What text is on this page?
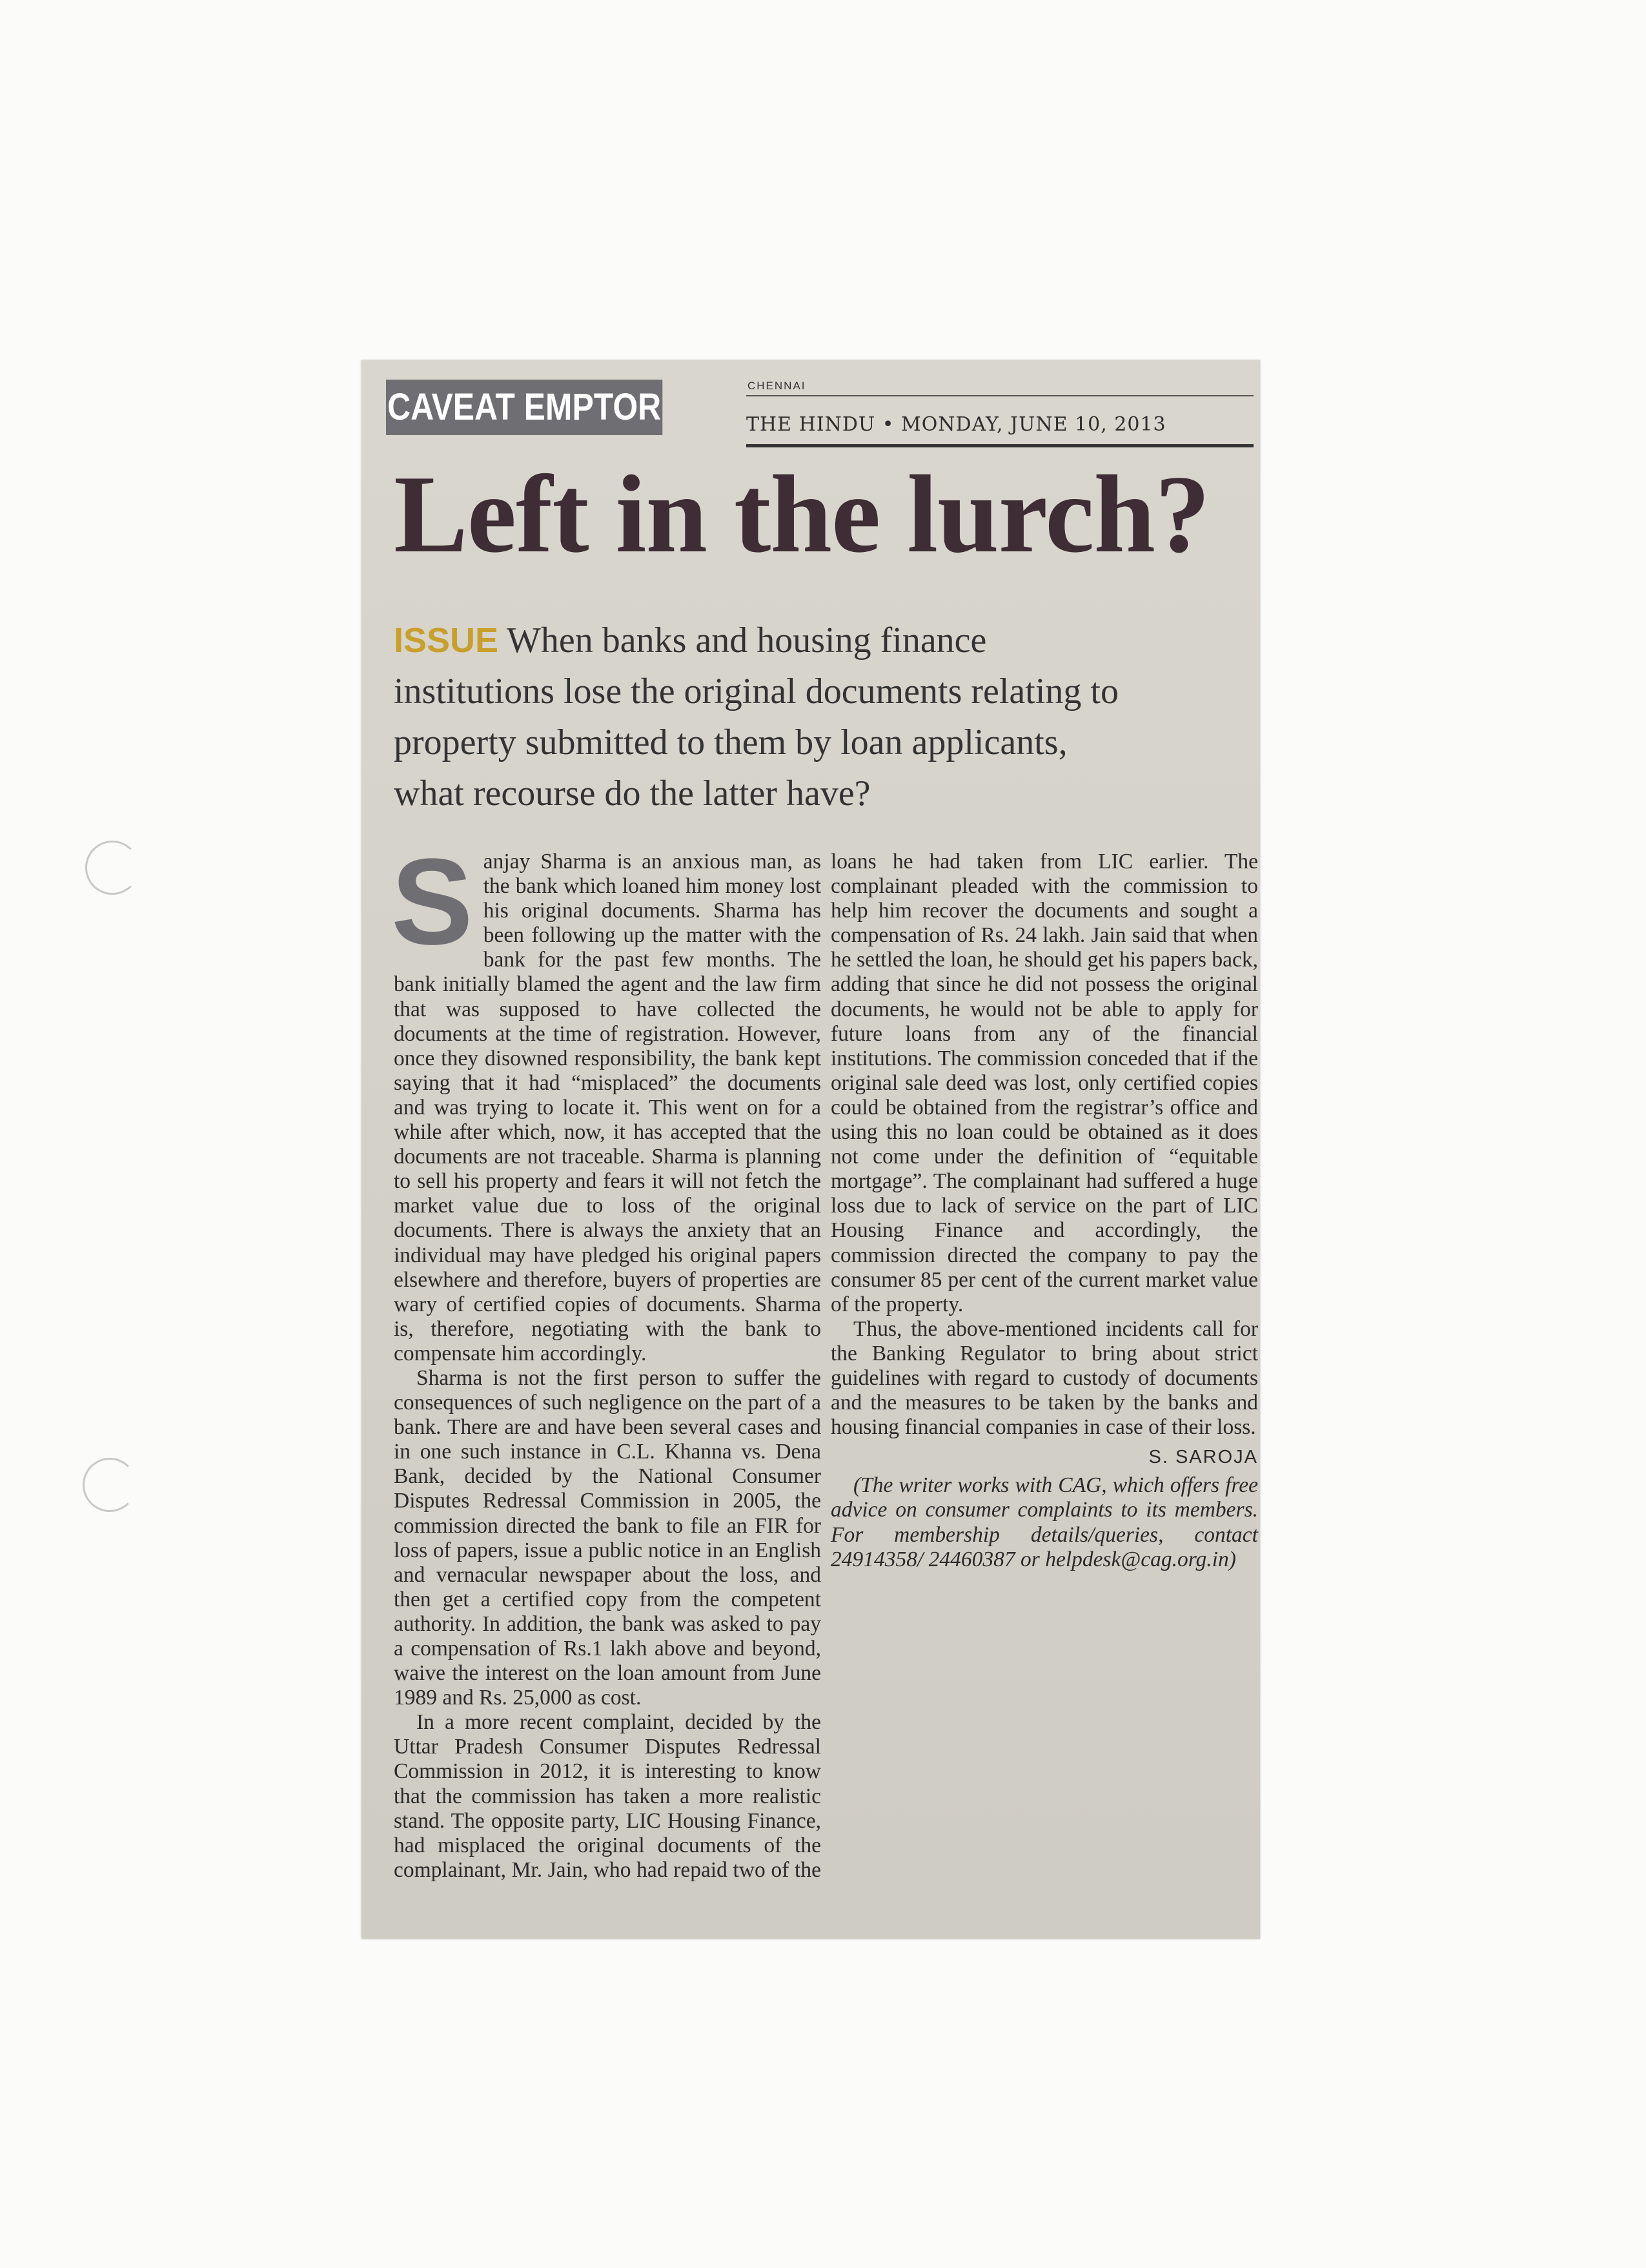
CAVEAT EMPTOR
CHENNAI
THE HINDU • MONDAY, JUNE 10, 2013
Left in the lurch?

ISSUE When banks and housing finance institutions lose the original documents relating to property submitted to them by loan applicants, what recourse do the latter have?

Sanjay Sharma is an anxious man, as the bank which loaned him money lost his original documents. Sharma has been following up the matter with the bank for the past few months. The bank initially blamed the agent and the law firm that was supposed to have collected the documents at the time of registration. However, once they disowned responsibility, the bank kept saying that it had “misplaced” the documents and was trying to locate it. This went on for a while after which, now, it has accepted that the documents are not traceable. Sharma is planning to sell his property and fears it will not fetch the market value due to loss of the original documents. There is always the anxiety that an individual may have pledged his original papers elsewhere and therefore, buyers of properties are wary of certified copies of documents. Sharma is, therefore, negotiating with the bank to compensate him accordingly.

Sharma is not the first person to suffer the consequences of such negligence on the part of a bank. There are and have been several cases and in one such instance in C.L. Khanna vs. Dena Bank, decided by the National Consumer Disputes Redressal Commission in 2005, the commission directed the bank to file an FIR for loss of papers, issue a public notice in an English and vernacular newspaper about the loss, and then get a certified copy from the competent authority. In addition, the bank was asked to pay a compensation of Rs.1 lakh above and beyond, waive the interest on the loan amount from June 1989 and Rs. 25,000 as cost.

In a more recent complaint, decided by the Uttar Pradesh Consumer Disputes Redressal Commission in 2012, it is interesting to know that the commission has taken a more realistic stand. The opposite party, LIC Housing Finance, had misplaced the original documents of the complainant, Mr. Jain, who had repaid two of the

loans he had taken from LIC earlier. The complainant pleaded with the commission to help him recover the documents and sought a compensation of Rs. 24 lakh. Jain said that when he settled the loan, he should get his papers back, adding that since he did not possess the original documents, he would not be able to apply for future loans from any of the financial institutions. The commission conceded that if the original sale deed was lost, only certified copies could be obtained from the registrar’s office and using this no loan could be obtained as it does not come under the definition of “equitable mortgage”. The complainant had suffered a huge loss due to lack of service on the part of LIC Housing Finance and accordingly, the commission directed the company to pay the consumer 85 per cent of the current market value of the property.

Thus, the above-mentioned incidents call for the Banking Regulator to bring about strict guidelines with regard to custody of documents and the measures to be taken by the banks and housing financial companies in case of their loss.

S. SAROJA

(The writer works with CAG, which offers free advice on consumer complaints to its members. For membership details/queries, contact 24914358/ 24460387 or helpdesk@cag.org.in)
